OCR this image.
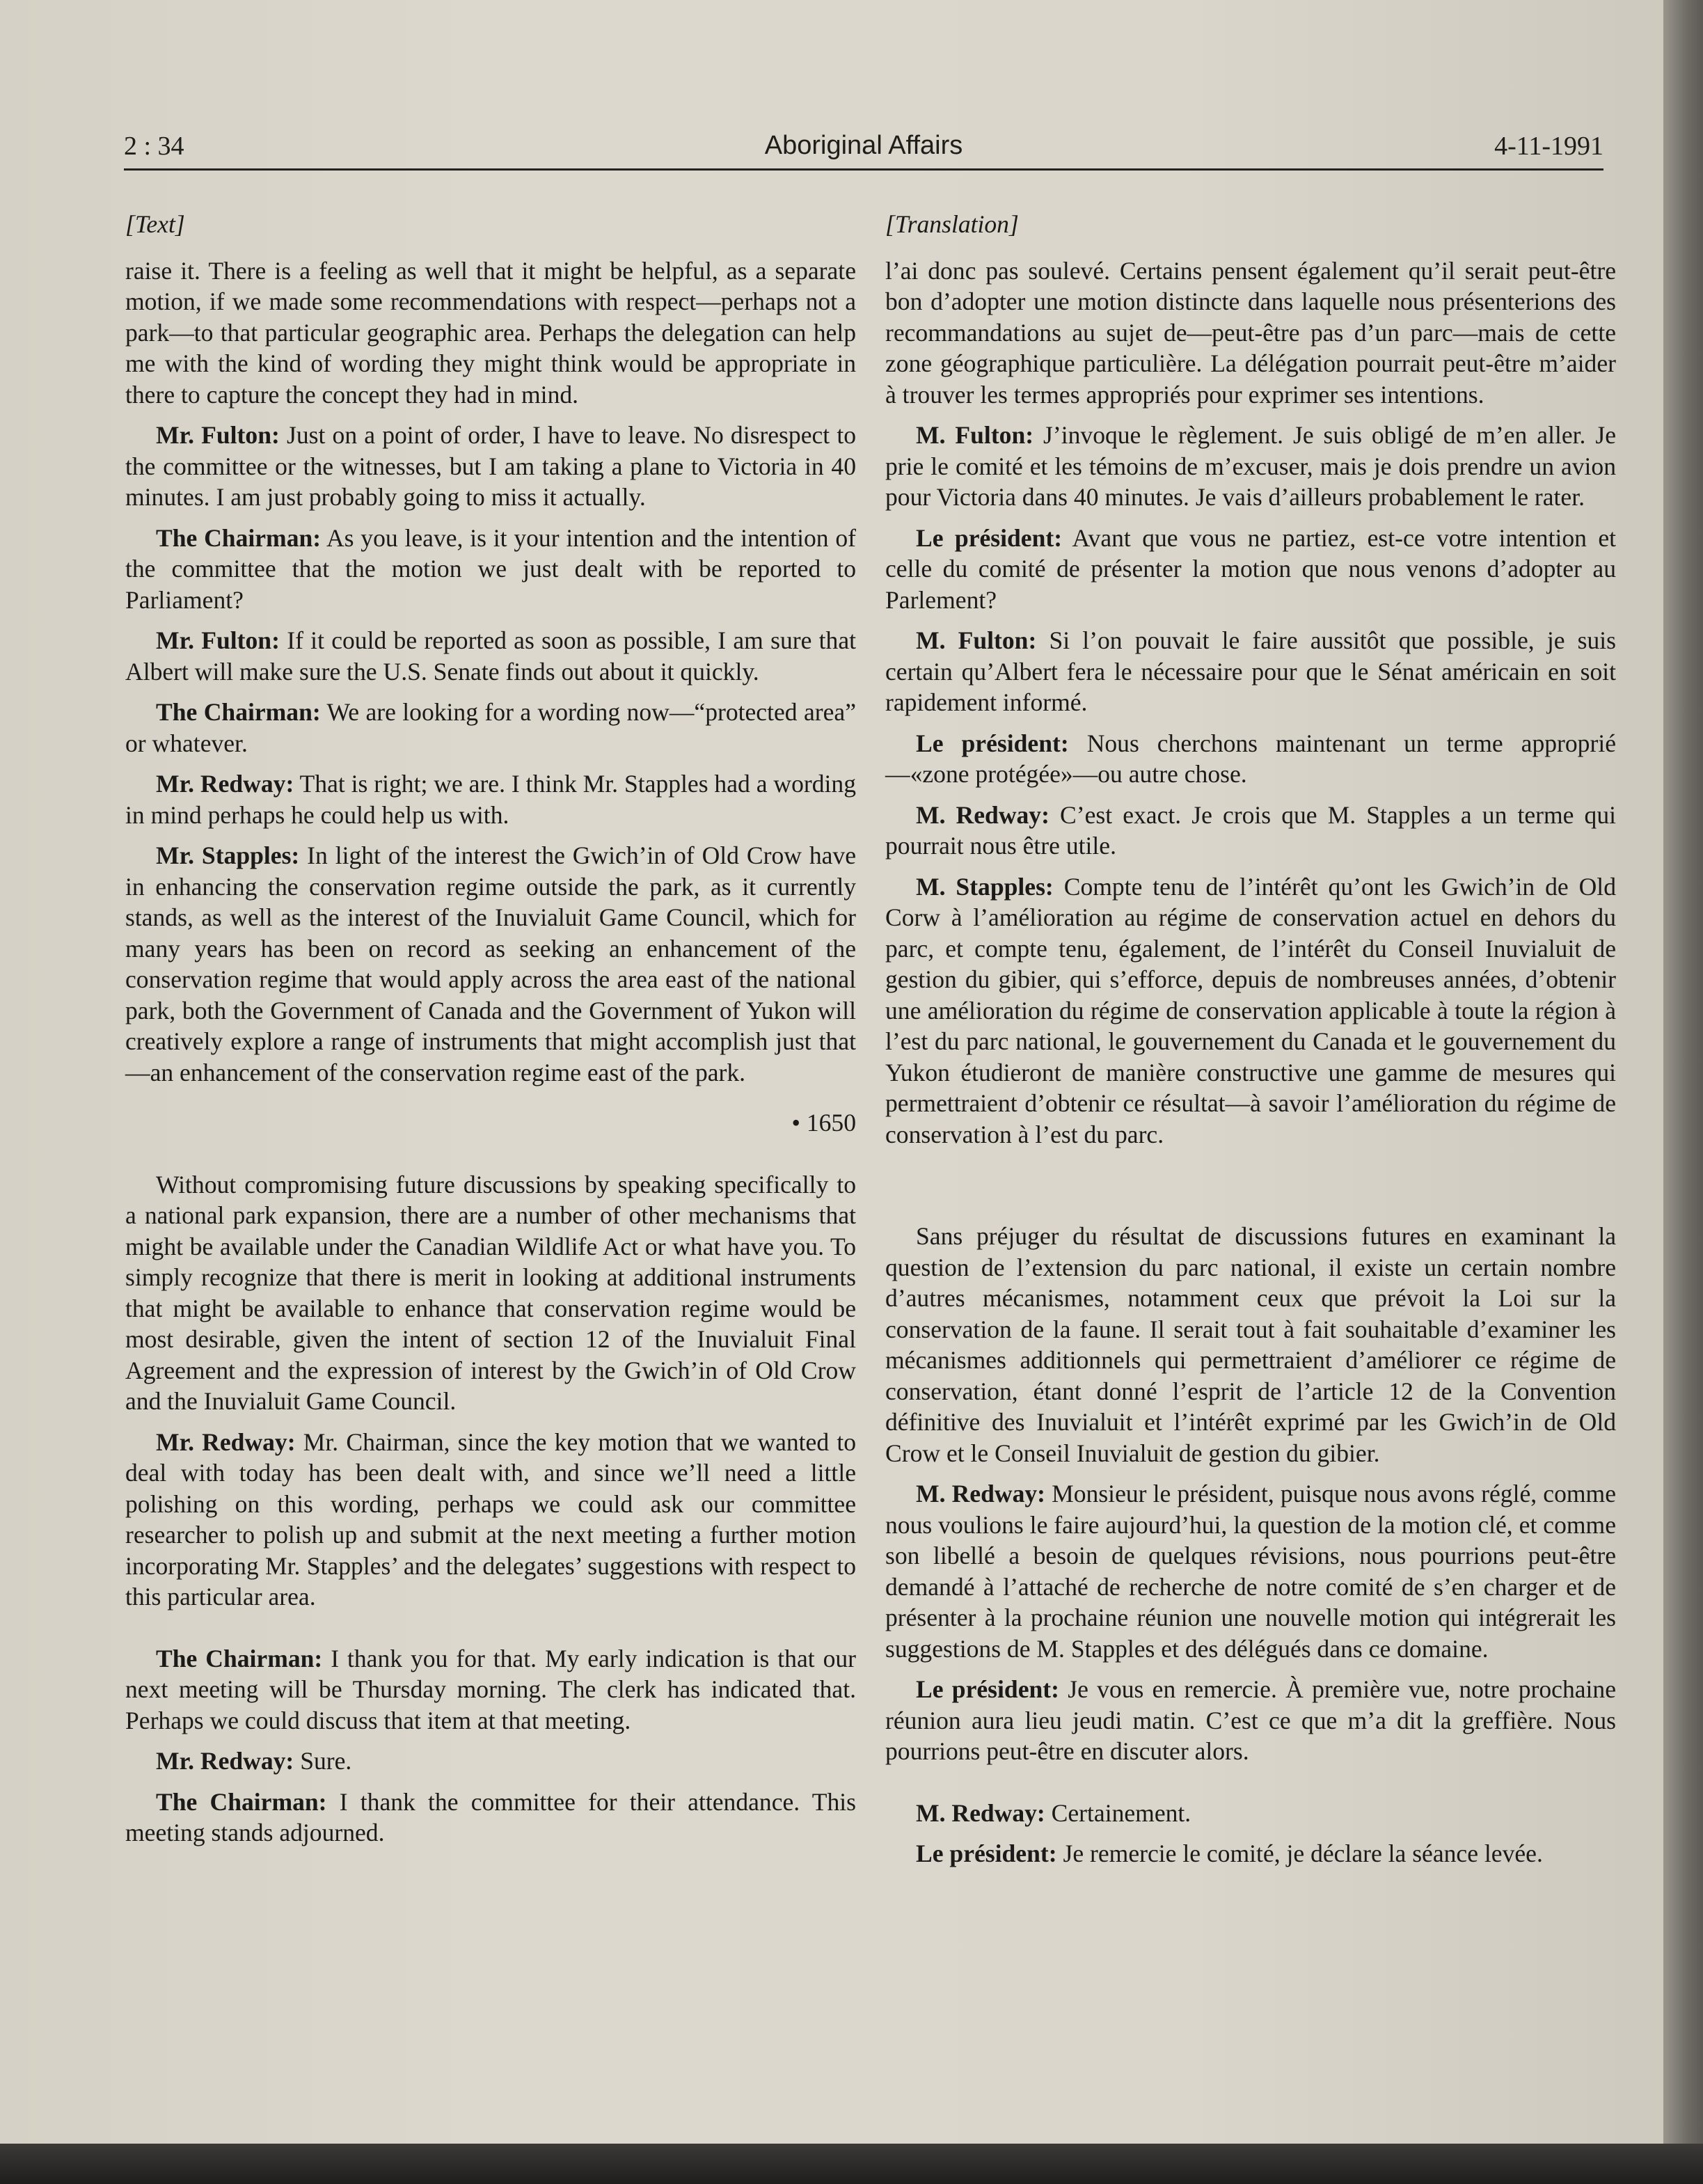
2 : 34	Aboriginal Affairs	4-11-1991

[Text]

raise it. There is a feeling as well that it might be helpful, as a separate motion, if we made some recommendations with respect—perhaps not a park—to that particular geographic area. Perhaps the delegation can help me with the kind of wording they might think would be appropriate in there to capture the concept they had in mind.

Mr. Fulton: Just on a point of order, I have to leave. No disrespect to the committee or the witnesses, but I am taking a plane to Victoria in 40 minutes. I am just probably going to miss it actually.

The Chairman: As you leave, is it your intention and the intention of the committee that the motion we just dealt with be reported to Parliament?

Mr. Fulton: If it could be reported as soon as possible, I am sure that Albert will make sure the U.S. Senate finds out about it quickly.

The Chairman: We are looking for a wording now—“protected area” or whatever.

Mr. Redway: That is right; we are. I think Mr. Stapples had a wording in mind perhaps he could help us with.

Mr. Stapples: In light of the interest the Gwich’in of Old Crow have in enhancing the conservation regime outside the park, as it currently stands, as well as the interest of the Inuvialuit Game Council, which for many years has been on record as seeking an enhancement of the conservation regime that would apply across the area east of the national park, both the Government of Canada and the Government of Yukon will creatively explore a range of instruments that might accomplish just that—an enhancement of the conservation regime east of the park.

• 1650

Without compromising future discussions by speaking specifically to a national park expansion, there are a number of other mechanisms that might be available under the Canadian Wildlife Act or what have you. To simply recognize that there is merit in looking at additional instruments that might be available to enhance that conservation regime would be most desirable, given the intent of section 12 of the Inuvialuit Final Agreement and the expression of interest by the Gwich’in of Old Crow and the Inuvialuit Game Council.

Mr. Redway: Mr. Chairman, since the key motion that we wanted to deal with today has been dealt with, and since we’ll need a little polishing on this wording, perhaps we could ask our committee researcher to polish up and submit at the next meeting a further motion incorporating Mr. Stapples’ and the delegates’ suggestions with respect to this particular area.

The Chairman: I thank you for that. My early indication is that our next meeting will be Thursday morning. The clerk has indicated that. Perhaps we could discuss that item at that meeting.

Mr. Redway: Sure.

The Chairman: I thank the committee for their attendance. This meeting stands adjourned.

[Translation]

l’ai donc pas soulevé. Certains pensent également qu’il serait peut-être bon d’adopter une motion distincte dans laquelle nous présenterions des recommandations au sujet de—peut-être pas d’un parc—mais de cette zone géographique particulière. La délégation pourrait peut-être m’aider à trouver les termes appropriés pour exprimer ses intentions.

M. Fulton: J’invoque le règlement. Je suis obligé de m’en aller. Je prie le comité et les témoins de m’excuser, mais je dois prendre un avion pour Victoria dans 40 minutes. Je vais d’ailleurs probablement le rater.

Le président: Avant que vous ne partiez, est-ce votre intention et celle du comité de présenter la motion que nous venons d’adopter au Parlement?

M. Fulton: Si l’on pouvait le faire aussitôt que possible, je suis certain qu’Albert fera le nécessaire pour que le Sénat américain en soit rapidement informé.

Le président: Nous cherchons maintenant un terme approprié—«zone protégée»—ou autre chose.

M. Redway: C’est exact. Je crois que M. Stapples a un terme qui pourrait nous être utile.

M. Stapples: Compte tenu de l’intérêt qu’ont les Gwich’in de Old Corw à l’amélioration au régime de conservation actuel en dehors du parc, et compte tenu, également, de l’intérêt du Conseil Inuvialuit de gestion du gibier, qui s’efforce, depuis de nombreuses années, d’obtenir une amélioration du régime de conservation applicable à toute la région à l’est du parc national, le gouvernement du Canada et le gouvernement du Yukon étudieront de manière constructive une gamme de mesures qui permettraient d’obtenir ce résultat—à savoir l’amélioration du régime de conservation à l’est du parc.

Sans préjuger du résultat de discussions futures en examinant la question de l’extension du parc national, il existe un certain nombre d’autres mécanismes, notamment ceux que prévoit la Loi sur la conservation de la faune. Il serait tout à fait souhaitable d’examiner les mécanismes additionnels qui permettraient d’améliorer ce régime de conservation, étant donné l’esprit de l’article 12 de la Convention définitive des Inuvialuit et l’intérêt exprimé par les Gwich’in de Old Crow et le Conseil Inuvialuit de gestion du gibier.

M. Redway: Monsieur le président, puisque nous avons réglé, comme nous voulions le faire aujourd’hui, la question de la motion clé, et comme son libellé a besoin de quelques révisions, nous pourrions peut-être demandé à l’attaché de recherche de notre comité de s’en charger et de présenter à la prochaine réunion une nouvelle motion qui intégrerait les suggestions de M. Stapples et des délégués dans ce domaine.

Le président: Je vous en remercie. À première vue, notre prochaine réunion aura lieu jeudi matin. C’est ce que m’a dit la greffière. Nous pourrions peut-être en discuter alors.

M. Redway: Certainement.

Le président: Je remercie le comité, je déclare la séance levée.
